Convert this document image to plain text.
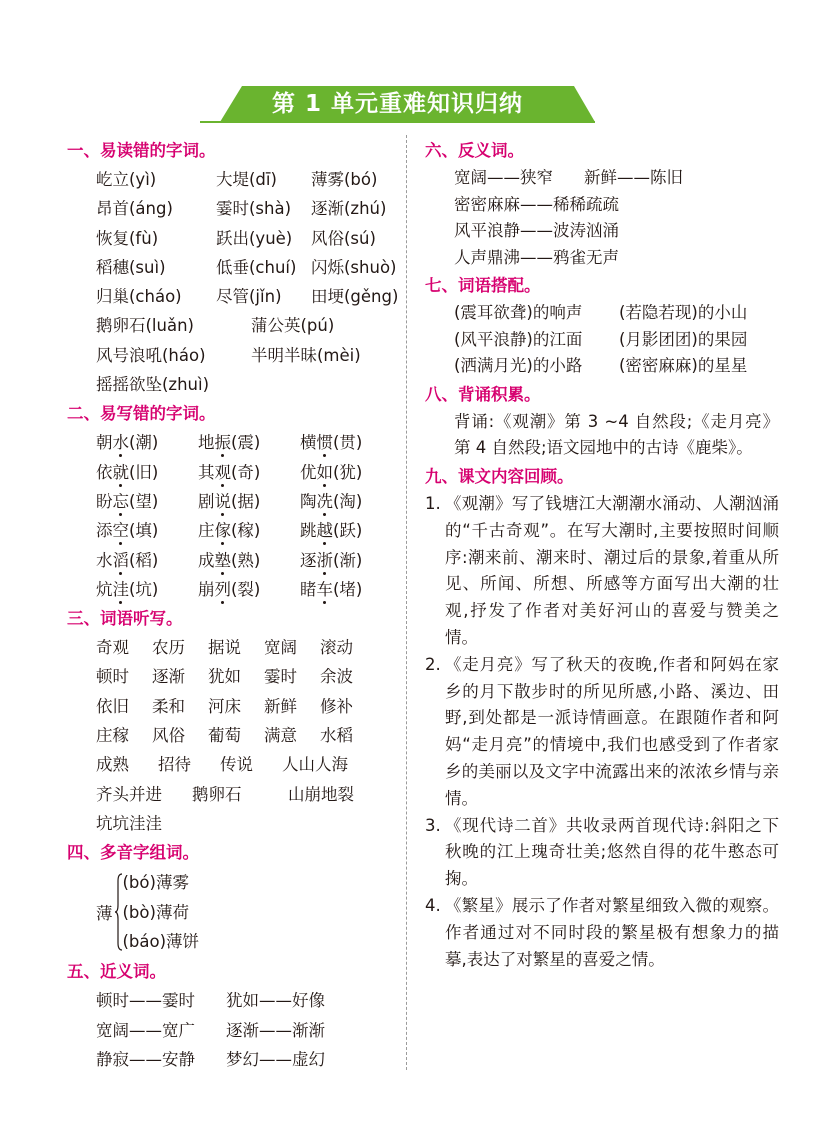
第 1 单元重难知识归纳
一、易读错的字词。
屹立(yì)	大堤(dī) 薄雾(bó)
昂首(áng)	霎时(shà) 逐渐(zhú)
恢复(fù)	跃出(yuè) 风俗(sú)
稻穗(suì)	低垂(chuí) 闪烁(shuò)
归巢(cháo) 尽管(jǐn) 田埂(gěng)
鹅卵石(luǎn)	蒲公英(pú)
风号浪吼(háo)	半明半昧(mèi)
摇摇欲坠(zhuì)
二、易写错的字词。
朝水(潮) 地振(震) 横惯(贯)
依就(旧) 其观(奇) 优如(犹)
盼忘(望) 剧说(据) 陶冼(淘)
添空(填) 庄傢(稼) 跳越(跃)
水滔(稻) 成塾(熟) 逐浙(渐)
炕洼(坑) 崩列(裂) 睹车(堵)
三、词语听写。
奇观 农历 据说 宽阔 滚动
顿时 逐渐 犹如 霎时 余波
依旧 柔和 河床 新鲜 修补
庄稼 风俗 葡萄 满意 水稻
成熟 招待 传说 人山人海
齐头并进 鹅卵石	山崩地裂
坑坑洼洼
四、多音字组词。
薄
(bó)薄雾
(bò)薄荷
(báo)薄饼
五、近义词。
顿时——霎时 犹如——好像
宽阔——宽广 逐渐——渐渐
静寂——安静 梦幻——虚幻
六、反义词。
宽阔——狭窄 新鲜——陈旧
密密麻麻——稀稀疏疏
风平浪静——波涛汹涌
人声鼎沸——鸦雀无声
七、词语搭配。
(震耳欲聋)的响声 (若隐若现)的小山
(风平浪静)的江面 (月影团团)的果园
(洒满月光)的小路 (密密麻麻)的星星
八、背诵积累。
背诵:《观潮》第 3 ~4 自然段;《走月亮》第 4 自然段;语文园地中的古诗《鹿柴》。
九、课文内容回顾。
1. 《观潮》写了钱塘江大潮潮水涌动、人潮汹涌的“千古奇观”。在写大潮时,主要按照时间顺序:潮来前、潮来时、潮过后的景象,着重从所见、所闻、所想、所感等方面写出大潮的壮观,抒发了作者对美好河山的喜爱与赞美之情。
2. 《走月亮》写了秋天的夜晚,作者和阿妈在家乡的月下散步时的所见所感,小路、溪边、田野,到处都是一派诗情画意。在跟随作者和阿妈“走月亮”的情境中,我们也感受到了作者家乡的美丽以及文字中流露出来的浓浓乡情与亲情。
3. 《现代诗二首》共收录两首现代诗:斜阳之下秋晚的江上瑰奇壮美;悠然自得的花牛憨态可掬。
4. 《繁星》展示了作者对繁星细致入微的观察。作者通过对不同时段的繁星极有想象力的描摹,表达了对繁星的喜爱之情。
